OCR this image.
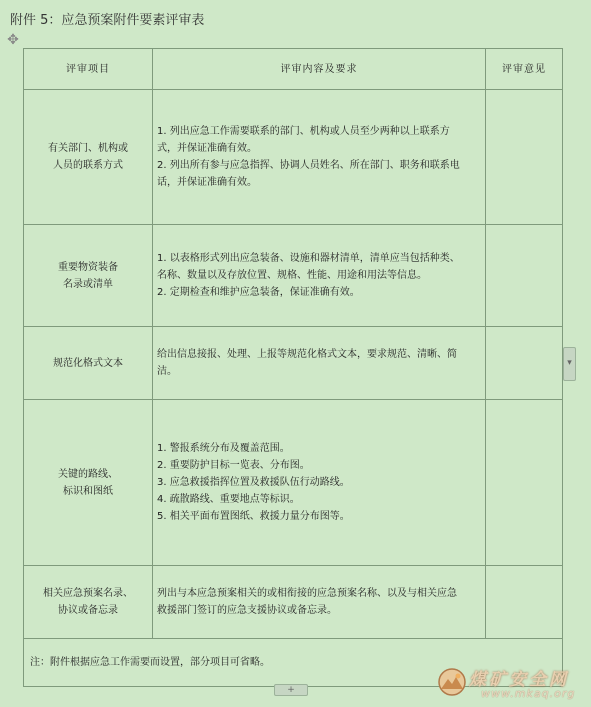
附件 5：应急预案附件要素评审表
✥
评审项目	评审内容及要求	评审意见

有关部门、机构或
人员的联系方式	1. 列出应急工作需要联系的部门、机构或人员至少两种以上联系方
式，并保证准确有效。
2. 列出所有参与应急指挥、协调人员姓名、所在部门、职务和联系电
话，并保证准确有效。	

重要物资装备
名录或清单	1. 以表格形式列出应急装备、设施和器材清单，清单应当包括种类、
名称、数量以及存放位置、规格、性能、用途和用法等信息。
2. 定期检查和维护应急装备，保证准确有效。	

规范化格式文本	给出信息接报、处理、上报等规范化格式文本，要求规范、清晰、简
洁。	

关键的路线、
标识和图纸	1. 警报系统分布及覆盖范围。
2. 重要防护目标一览表、分布图。
3. 应急救援指挥位置及救援队伍行动路线。
4. 疏散路线、重要地点等标识。
5. 相关平面布置图纸、救援力量分布图等。	

相关应急预案名录、
协议或备忘录	列出与本应急预案相关的或相衔接的应急预案名称、以及与相关应急
救援部门签订的应急支援协议或备忘录。	

注：附件根据应急工作需要而设置，部分项目可省略。		
▾
+	煤矿安全网
www.mkaq.org
